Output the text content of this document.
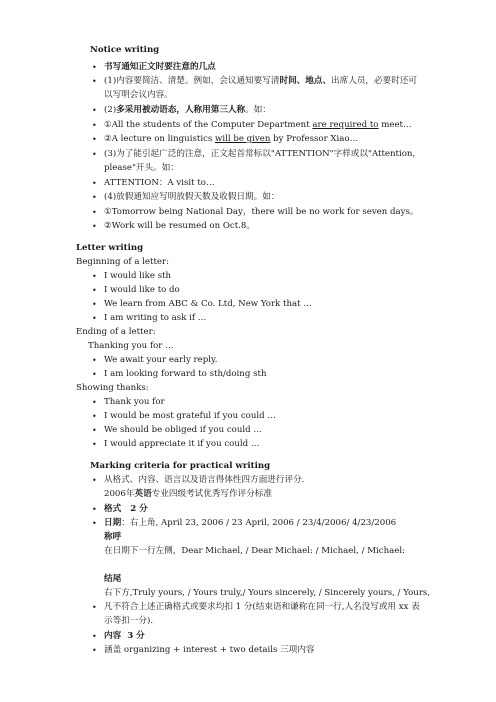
Notice writing
• 书写通知正文时要注意的几点
• (1)内容要简洁、清楚。例如，会议通知要写清时间、地点、出席人员，必要时还可
以写明会议内容。
• (2)多采用被动语态，人称用第三人称。如：
• ①All the students of the Computer Department are required to meet…
• ②A lecture on linguistics will be given by Professor Xiao…
• (3)为了能引起广泛的注意，正文起首常标以"ATTENTION"字样或以"Attention，
please"开头。如：
• ATTENTION：A visit to…
• (4)放假通知应写明放假天数及收假日期。如：
• ①Tomorrow being National Day，there will be no work for seven days。
• ②Work will be resumed on Oct.8。
Letter writing
Beginning of a letter:
• I would like sth
• I would like to do
• We learn from ABC & Co. Ltd, New York that …
• I am writing to ask if …
Ending of a letter:
Thanking you for …
• We await your early reply.
• I am looking forward to sth/doing sth
Showing thanks:
• Thank you for
• I would be most grateful if you could …
• We should be obliged if you could …
• I would appreciate it if you could …
Marking criteria for practical writing
• 从格式、内容、语言以及语言得体性四方面进行评分.
2006年英语专业四级考试优秀写作评分标准
• 格式 2 分
• 日期：右上角, April 23, 2006 / 23 April, 2006 / 23/4/2006/ 4/23/2006
称呼
在日期下一行左侧，Dear Michael, / Dear Michael: / Michael, / Michael:
结尾
右下方,Truly yours, / Yours truly,/ Yours sincerely, / Sincerely yours, / Yours,
• 凡不符合上述正确格式或要求均扣 1 分(结束语和谦称在同一行,人名没写或用 xx 表
示等扣一分).
• 内容 3 分
• 涵盖 organizing + interest + two details 三项内容
